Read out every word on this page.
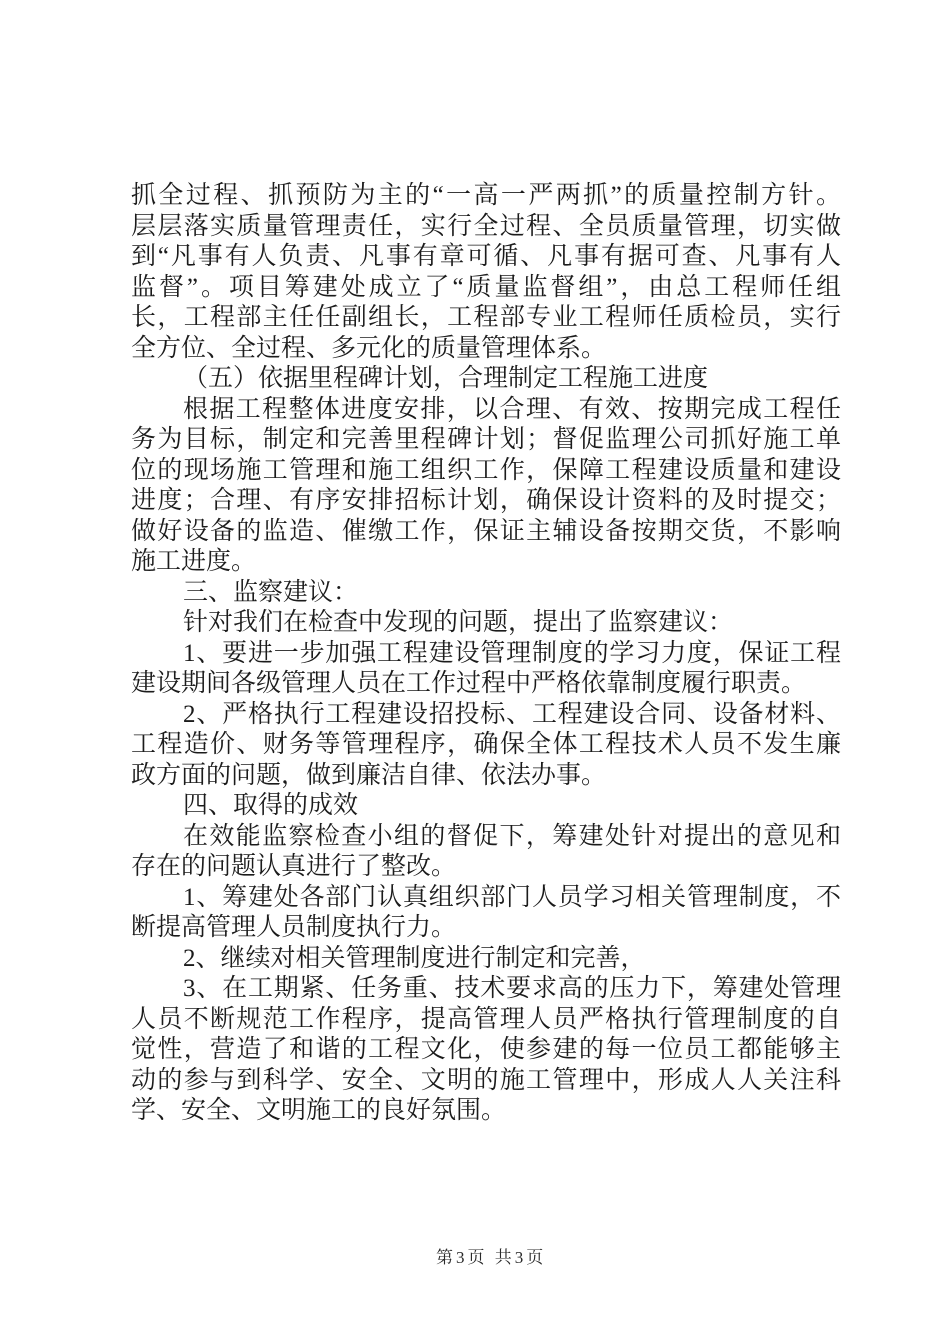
抓全过程、抓预防为主的“一高一严两抓”的质量控制方针。
层层落实质量管理责任，实行全过程、全员质量管理，切实做
到“凡事有人负责、凡事有章可循、凡事有据可查、凡事有人
监督”。项目筹建处成立了“质量监督组”，由总工程师任组
长，工程部主任任副组长，工程部专业工程师任质检员，实行
全方位、全过程、多元化的质量管理体系。
（五）依据里程碑计划，合理制定工程施工进度
根据工程整体进度安排，以合理、有效、按期完成工程任
务为目标，制定和完善里程碑计划；督促监理公司抓好施工单
位的现场施工管理和施工组织工作，保障工程建设质量和建设
进度；合理、有序安排招标计划，确保设计资料的及时提交；
做好设备的监造、催缴工作，保证主辅设备按期交货，不影响
施工进度。
三、监察建议：
针对我们在检查中发现的问题，提出了监察建议：
1、要进一步加强工程建设管理制度的学习力度，保证工程
建设期间各级管理人员在工作过程中严格依靠制度履行职责。
2、严格执行工程建设招投标、工程建设合同、设备材料、
工程造价、财务等管理程序，确保全体工程技术人员不发生廉
政方面的问题，做到廉洁自律、依法办事。
四、取得的成效
在效能监察检查小组的督促下，筹建处针对提出的意见和
存在的问题认真进行了整改。
1、筹建处各部门认真组织部门人员学习相关管理制度，不
断提高管理人员制度执行力。
2、继续对相关管理制度进行制定和完善，
3、在工期紧、任务重、技术要求高的压力下，筹建处管理
人员不断规范工作程序，提高管理人员严格执行管理制度的自
觉性，营造了和谐的工程文化，使参建的每一位员工都能够主
动的参与到科学、安全、文明的施工管理中，形成人人关注科
学、安全、文明施工的良好氛围。
第3页 共3页
